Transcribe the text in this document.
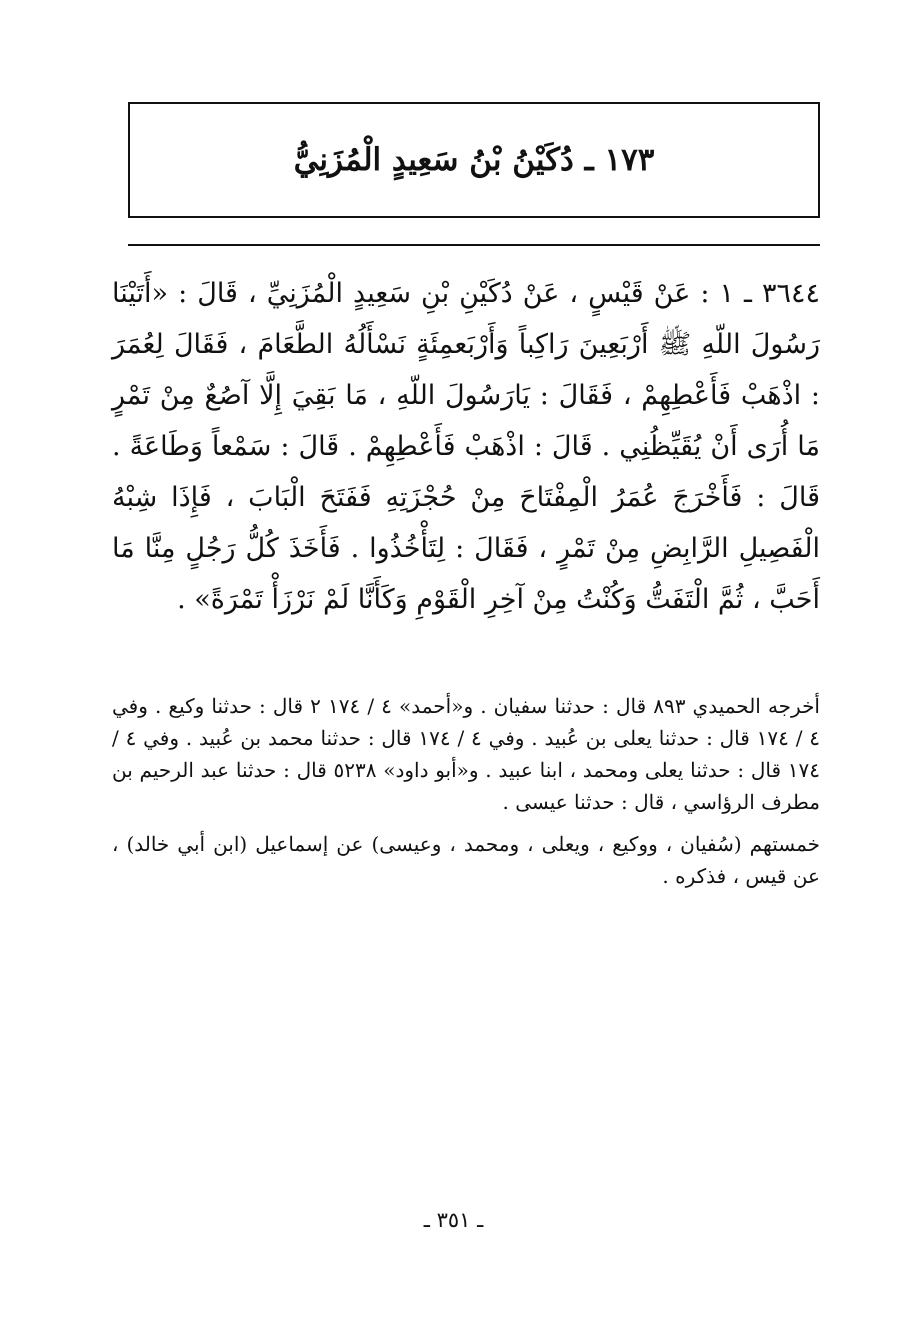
١٧٣ ـ دُكَيْنُ بْنُ سَعِيدٍ الْمُزَنِيُّ

٣٦٤٤ ـ ١ : عَنْ قَيْسٍ ، عَنْ دُكَيْنِ بْنِ سَعِيدٍ الْمُزَنِيِّ ، قَالَ : «أَتَيْنَا رَسُولَ اللّهِ ﷺ أَرْبَعِينَ رَاكِباً وَأَرْبَعمِئَةٍ نَسْأَلُهُ الطَّعَامَ ، فَقَالَ لِعُمَرَ : اذْهَبْ فَأَعْطِهِمْ ، فَقَالَ : يَارَسُولَ اللّهِ ، مَا بَقِيَ إِلَّا آصُعٌ مِنْ تَمْرٍ مَا أُرَى أَنْ يُقَيِّظُنِي . قَالَ : اذْهَبْ فَأَعْطِهِمْ . قَالَ : سَمْعاً وَطَاعَةً . قَالَ : فَأَخْرَجَ عُمَرُ الْمِفْتَاحَ مِنْ حُجْزَتِهِ فَفَتَحَ الْبَابَ ، فَإِذَا شِبْهُ الْفَصِيلِ الرَّابِضِ مِنْ تَمْرٍ ، فَقَالَ : لِتَأْخُذُوا . فَأَخَذَ كُلُّ رَجُلٍ مِنَّا مَا أَحَبَّ ، ثُمَّ الْتَفَتُّ وَكُنْتُ مِنْ آخِرِ الْقَوْمِ وَكَأَنَّا لَمْ نَرْزَأْ تَمْرَةً» .

أخرجه الحميدي ٨٩٣ قال : حدثنا سفيان . و«أحمد» ٤ / ١٧٤ ٢ قال : حدثنا وكيع . وفي ٤ / ١٧٤ قال : حدثنا يعلى بن عُبيد . وفي ٤ / ١٧٤ قال : حدثنا محمد بن عُبيد . وفي ٤ / ١٧٤ قال : حدثنا يعلى ومحمد ، ابنا عبيد . و«أبو داود» ٥٢٣٨ قال : حدثنا عبد الرحيم بن مطرف الرؤاسي ، قال : حدثنا عيسى .

خمستهم (سُفيان ، ووكيع ، ويعلى ، ومحمد ، وعيسى) عن إسماعيل (ابن أبي خالد) ، عن قيس ، فذكره .

ـ ٣٥١ ـ
